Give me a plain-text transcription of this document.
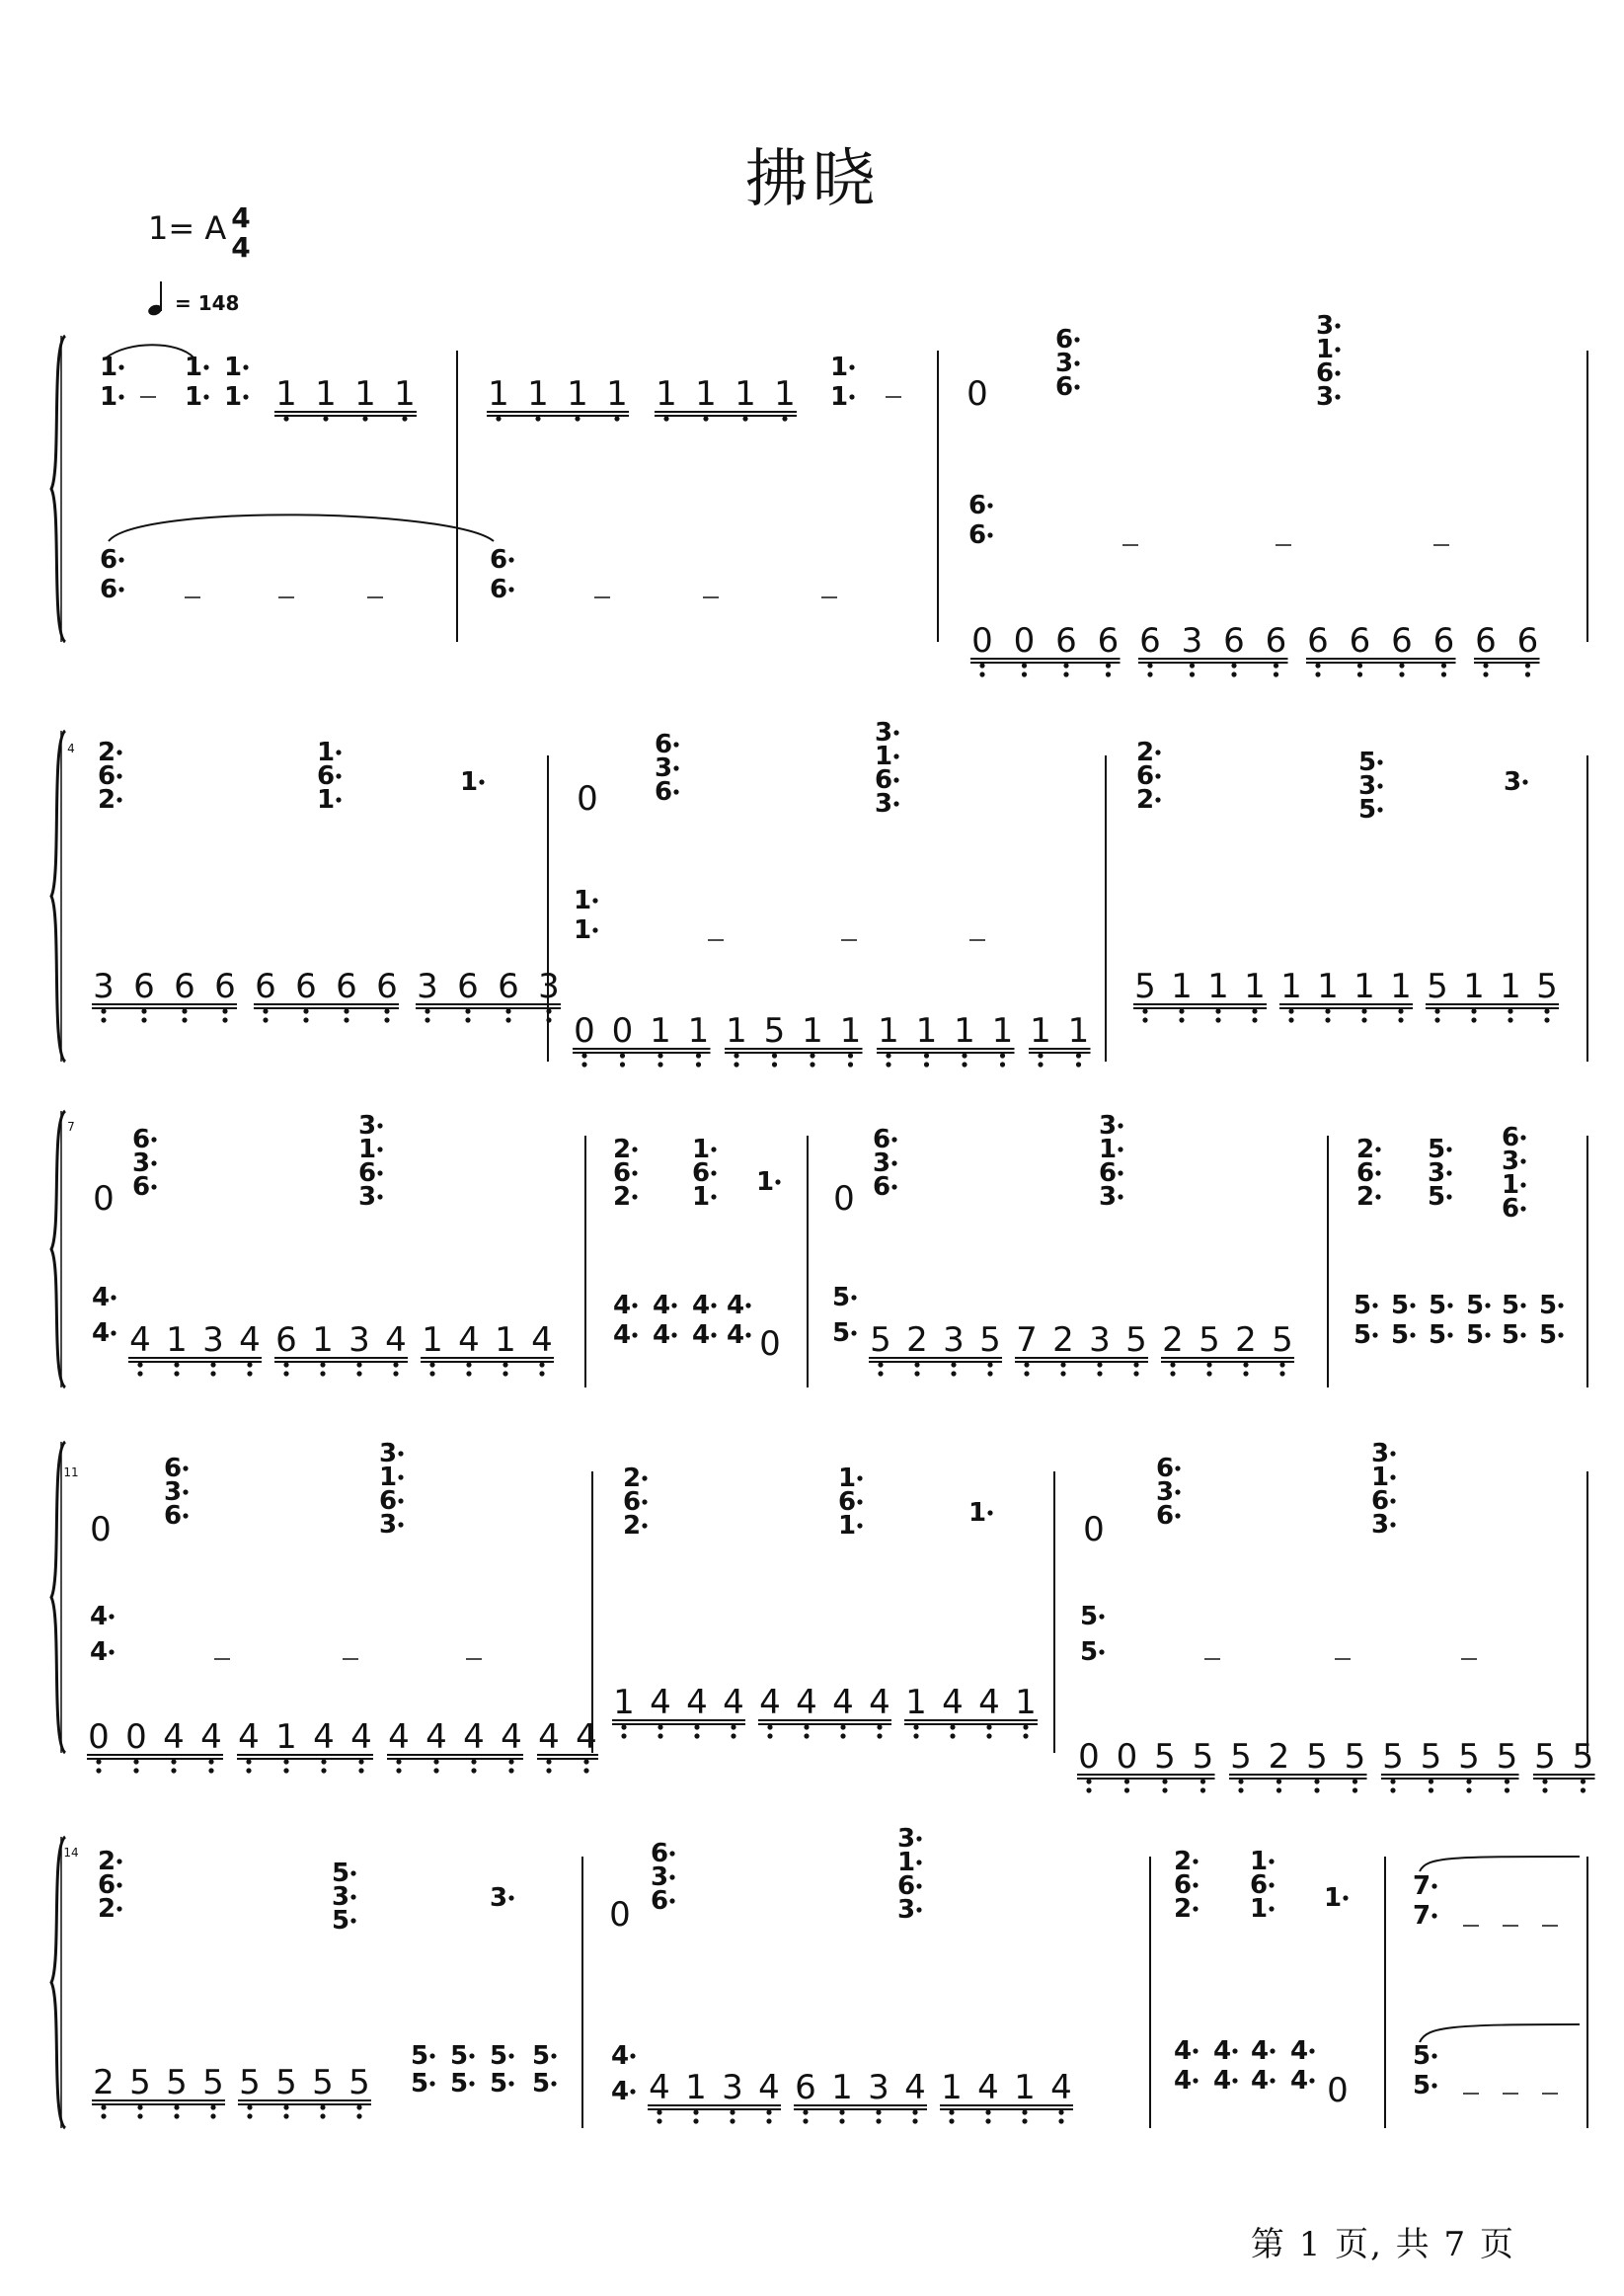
拂晓
1= A 4
4
= 148
4
7
11
14
1
1
1
1
1
1 1 1 1 1 1 1 1 1 1 1 1 1
1
1	0
6
3
6
3
1
6
3
6
6
6
6
6
6
0 0 6 6 6 3 6 6 6 6 6 6 6 6
2
6
2
1
6
1
1	0
6
3
6
3
1
6
3
2
6
2
5
3
5
3
3 6 6 6 6 6 6 6 3 6 6 3
1
1
0 0 1 1 1 5 1 1 1 1 1 1 1 1
5 1 1 1 1 1 1 1 5 1 1 5
0
6
3
6
3
1
6
3
2
6
2
1
6
1 1 0
6
3
6
3
1
6
3
2
6
2
5
3
5
6
3
1
6
4
4 4 1 3 4 6 1 3 4 1 4 1 4
4
4
4
4
4
4
4
4 0
5
5 5 2 3 5 7 2 3 5 2 5 2 5
5
5
5
5
5
5
5
5
5
5
5
5
0
6
3
6
3
1
6
3
2
6
2
1
6
1	1	0
6
3
6
3
1
6
3
4
4
0 0 4 4 4 1 4 4 4 4 4 4 4 4
1 4 4 4 4 4 4 4 1 4 4 1
5
5
0 0 5 5 5 2 5 5 5 5 5 5 5 5
2
6
2
5
3
5
3	0
6
3
6
3
1
6
3
2
6
2
1
6
1 1	7
7
2 5 5 5 5 5 5 5
5
5
5
5
5
5
5
5
4
4 4 1 3 4 6 1 3 4 1 4 1 4
4
4
4
4
4
4
4
4 0
5
5
第 1 页, 共 7 页
